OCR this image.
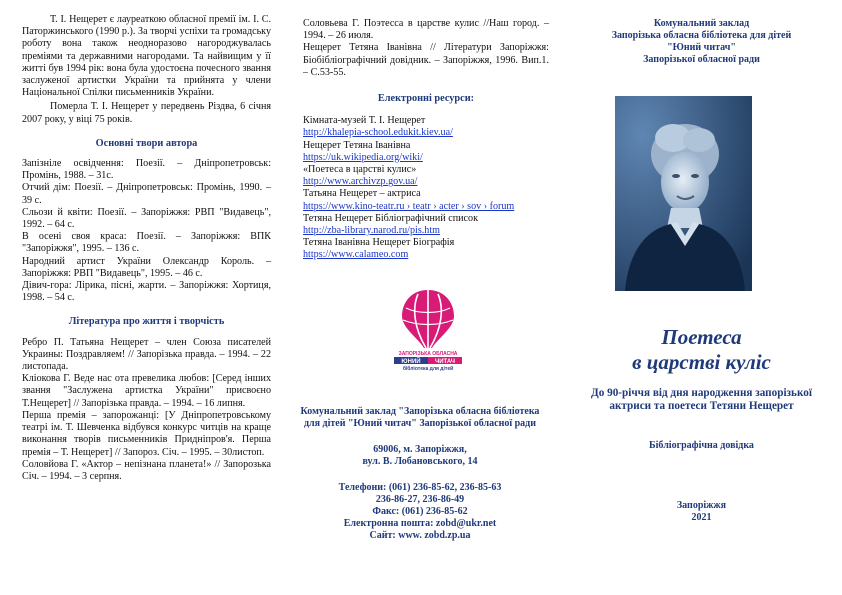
Т. І. Нещерет є лауреаткою обласної премії ім. І. С. Паторжинського (1990 р.). За творчі успіхи та громадську роботу вона також неодноразово нагороджувалась преміями та державними нагородами. Та найвищим у її житті був 1994 рік: вона була удостоєна почесного звання заслуженої артистки України та прийнята у члени Національної Спілки письменників України.

Померла Т. І. Нещерет у передвень Різдва, 6 січня 2007 року, у віці 75 років.

Основні твори автора

Запізніле освідчення: Поезії. – Дніпропетровськ: Промінь, 1988. – 31с.

Отчий дім: Поезії. – Дніпропетровськ: Промінь, 1990. – 39 с.

Сльози й квіти: Поезії. – Запоріжжя: РВП "Видавець", 1992. – 64 с.

В осені своя краса: Поезії. – Запоріжжя: ВПК "Запоріжжя", 1995. – 136 с.

Народний артист України Олександр Король. – Запоріжжя: РВП "Видавець", 1995. – 46 с.

Дівич-гора: Лірика, пісні, жарти. – Запоріжжя: Хортиця, 1998. – 54 с.

Література про життя і творчість

Ребро П. Татьяна Нещерет – член Союза писателей Украины: Поздравляем! // Запорізька правда. – 1994. – 22 листопада.

Кліокова Г. Веде нас ота превелика любов: [Серед інших звання "Заслужена артистка України" присвоєно Т.Нещерет] // Запорізька правда. – 1994. – 16 липня.

Перша премія – запорожанці: [У Дніпропетровському театрі ім. Т. Шевченка відбувся конкурс читців на краще виконання творів письменників Придніпров'я. Перша премія – Т. Нещерет] // Запороз. Січ. – 1995. – 30листоп.

Соловйова Г. «Актор – непізнана планета!» // Запорозька Січ. – 1994. – 3 серпня.

Соловьева Г. Поэтесса в царстве кулис //Наш город. – 1994. – 26 июля.

Нещерет Тетяна Іванівна // Літератури Запоріжжя: Біобібліографічний довідник. – Запоріжжя, 1996. Вип.1. – С.53-55.

Електронні ресурси:

Кімната-музей Т. І. Нещерет

http://khalepia-school.edukit.kiev.ua/

Нещерет Тетяна Іванівна

https://uk.wikipedia.org/wiki/

«Поетеса в царстві кулис»

http://www.archivzp.gov.ua/

Татьяна Нещерет – актриса

https://www.kino-teatr.ru › teatr › acter › sov › forum

Тетяна Нещерет Бібліографічний список

http://zba-library.narod.ru/pis.htm

Тетяна Іванівна Нещерет Біографія

https://www.calameo.com

Комунальний заклад "Запорізька обласна бібліотека для дітей "Юний читач" Запорізької обласної ради

69006, м. Запоріжжя,

вул. В. Лобановського, 14

Телефони: (061) 236-85-62, 236-85-63

236-86-27, 236-86-49

Факс: (061) 236-85-62

Електронна пошта: zobd@ukr.net

Сайт: www. zobd.zp.ua

ЗАПОРІЗЬКА ОБЛАСНА
ЮНИЙ ЧИТАЧ
бібліотека для дітей

Комунальний заклад

Запорізька обласна бібліотека для дітей

"Юний читач"

Запорізької обласної ради

Поетеса

в царстві куліс

До 90-річчя від дня народження запорізької актриси та поетеси Тетяни Нещерет

Бібліографічна довідка

Запоріжжя

2021
